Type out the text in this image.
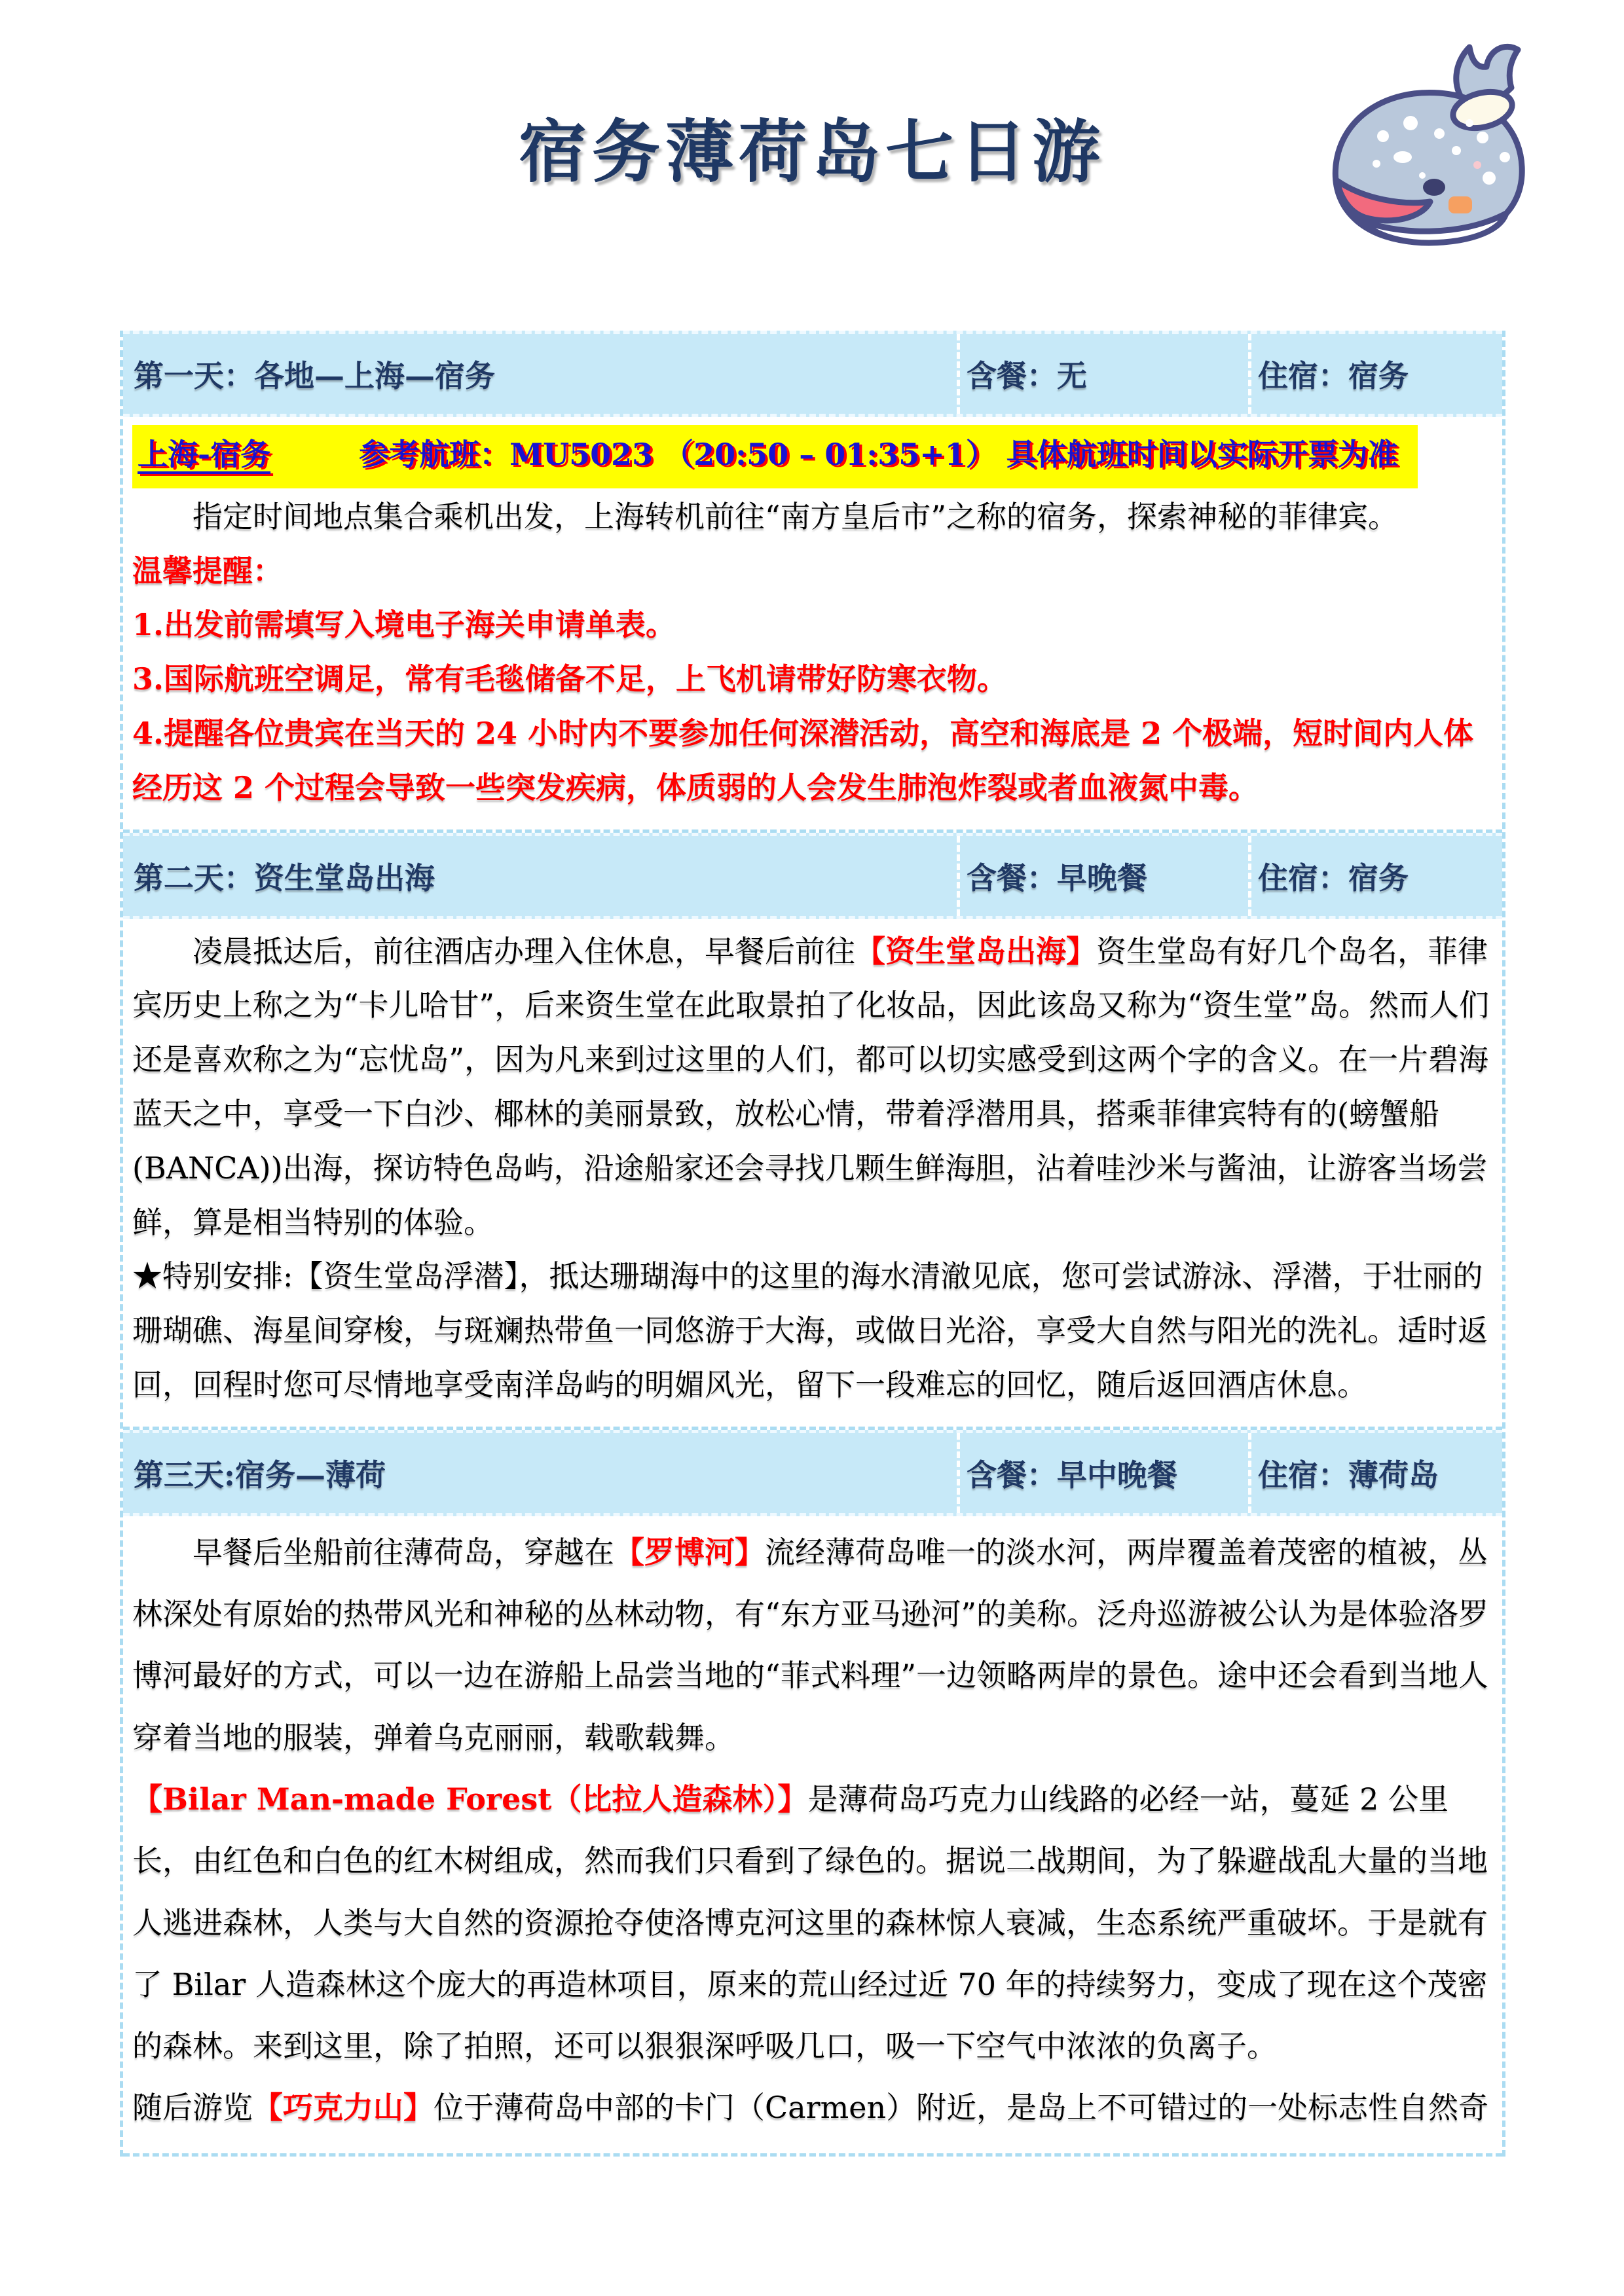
宿务薄荷岛七日游
第一天：各地—上海—宿务	含餐：无	住宿：宿务

上海-宿务	参考航班：MU5023 （20:50 – 01:35+1） 具体航班时间以实际开票为准

指定时间地点集合乘机出发，上海转机前往“南方皇后市”之称的宿务，探索神秘的菲律宾。

温馨提醒：

1.出发前需填写入境电子海关申请单表。

3.国际航班空调足，常有毛毯储备不足，上飞机请带好防寒衣物。

4.提醒各位贵宾在当天的 24 小时内不要参加任何深潜活动，高空和海底是 2 个极端，短时间内人体经历这 2 个过程会导致一些突发疾病，体质弱的人会发生肺泡炸裂或者血液氮中毒。

第二天：资生堂岛出海	含餐：早晚餐	住宿：宿务

凌晨抵达后，前往酒店办理入住休息，早餐后前往【资生堂岛出海】资生堂岛有好几个岛名，菲律宾历史上称之为“卡儿哈甘”，后来资生堂在此取景拍了化妆品，因此该岛又称为“资生堂”岛。然而人们还是喜欢称之为“忘忧岛”，因为凡来到过这里的人们，都可以切实感受到这两个字的含义。在一片碧海蓝天之中，享受一下白沙、椰林的美丽景致，放松心情，带着浮潜用具，搭乘菲律宾特有的(螃蟹船(BANCA))出海，探访特色岛屿，沿途船家还会寻找几颗生鲜海胆，沾着哇沙米与酱油，让游客当场尝鲜，算是相当特别的体验。

★特别安排:【资生堂岛浮潜】，抵达珊瑚海中的这里的海水清澈见底，您可尝试游泳、浮潜，于壮丽的珊瑚礁、海星间穿梭，与斑斓热带鱼一同悠游于大海，或做日光浴，享受大自然与阳光的洗礼。适时返回，回程时您可尽情地享受南洋岛屿的明媚风光，留下一段难忘的回忆，随后返回酒店休息。

第三天:宿务—薄荷	含餐：早中晚餐	住宿：薄荷岛

早餐后坐船前往薄荷岛，穿越在【罗博河】流经薄荷岛唯一的淡水河，两岸覆盖着茂密的植被，丛林深处有原始的热带风光和神秘的丛林动物，有“东方亚马逊河”的美称。泛舟巡游被公认为是体验洛罗博河最好的方式，可以一边在游船上品尝当地的“菲式料理”一边领略两岸的景色。途中还会看到当地人穿着当地的服装，弹着乌克丽丽，载歌载舞。

【Bilar Man-made Forest（比拉人造森林）】是薄荷岛巧克力山线路的必经一站，蔓延 2 公里长，由红色和白色的红木树组成，然而我们只看到了绿色的。据说二战期间，为了躲避战乱大量的当地人逃进森林，人类与大自然的资源抢夺使洛博克河这里的森林惊人衰减，生态系统严重破坏。于是就有了 Bilar 人造森林这个庞大的再造林项目，原来的荒山经过近 70 年的持续努力，变成了现在这个茂密的森林。来到这里，除了拍照，还可以狠狠深呼吸几口，吸一下空气中浓浓的负离子。

随后游览【巧克力山】位于薄荷岛中部的卡门（Carmen）附近，是岛上不可错过的一处标志性自然奇
